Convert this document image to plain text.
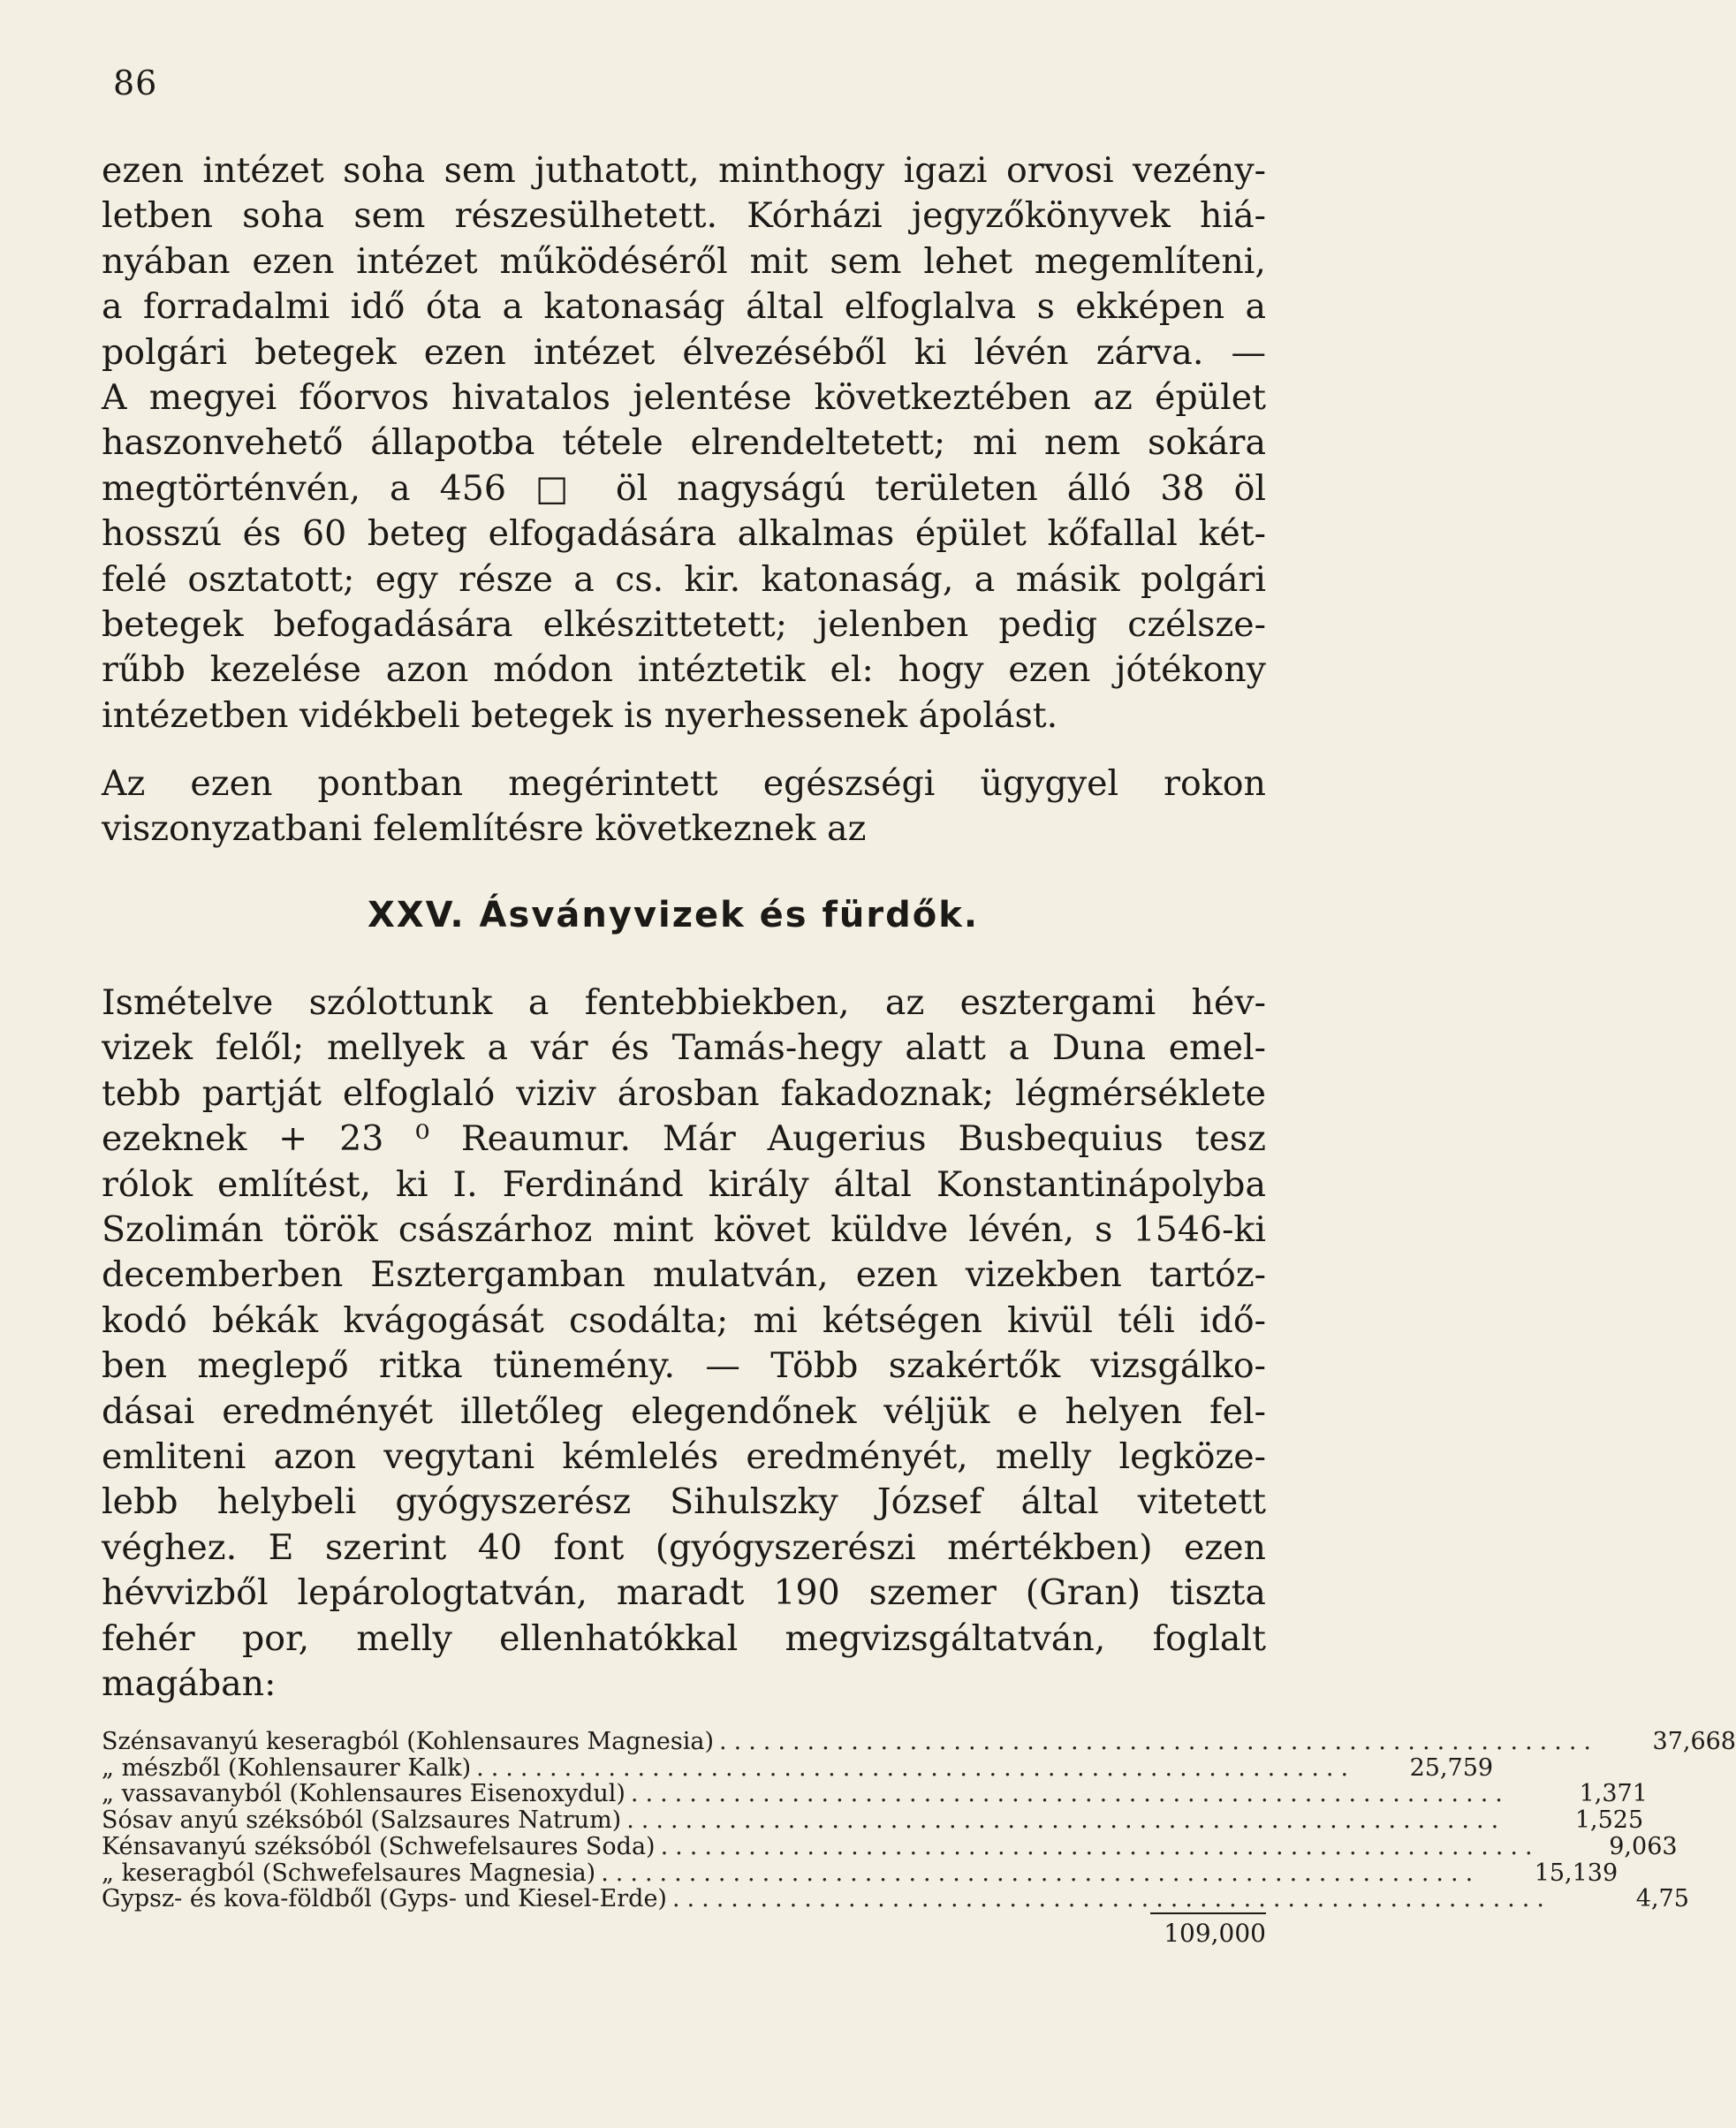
86
ezen intézet soha sem juthatott, minthogy igazi orvosi vezény-
letben soha sem részesülhetett. Kórházi jegyzőkönyvek hiá-
nyában ezen intézet működéséről mit sem lehet megemlíteni,
a forradalmi idő óta a katonaság által elfoglalva s ekképen a
polgári betegek ezen intézet élvezéséből ki lévén zárva. —
A megyei főorvos hivatalos jelentése következtében az épület
haszonvehető állapotba tétele elrendeltetett; mi nem sokára
megtörténvén, a 456 □ öl nagyságú területen álló 38 öl
hosszú és 60 beteg elfogadására alkalmas épület kőfallal két-
felé osztatott; egy része a cs. kir. katonaság, a másik polgári
betegek befogadására elkészittetett; jelenben pedig czélsze-
rűbb kezelése azon módon intéztetik el: hogy ezen jótékony
intézetben vidékbeli betegek is nyerhessenek ápolást.
Az ezen pontban megérintett egészségi ügygyel rokon
viszonyzatbani felemlítésre következnek az
XXV. Ásványvizek és fürdők.
Ismételve szólottunk a fentebbiekben, az esztergami hév-
vizek felől; mellyek a vár és Tamás-hegy alatt a Duna emel-
tebb partját elfoglaló viziv árosban fakadoznak; légmérséklete
ezeknek + 23 ⁰ Reaumur. Már Augerius Busbequius tesz
rólok említést, ki I. Ferdinánd király által Konstantinápolyba
Szolimán török császárhoz mint követ küldve lévén, s 1546-ki
decemberben Esztergamban mulatván, ezen vizekben tartóz-
kodó békák kvágogását csodálta; mi kétségen kivül téli idő-
ben meglepő ritka tünemény. — Több szakértők vizsgálko-
dásai eredményét illetőleg elegendőnek véljük e helyen fel-
emliteni azon vegytani kémlelés eredményét, melly legköze-
lebb helybeli gyógyszerész Sihulszky József által vitetett
véghez. E szerint 40 font (gyógyszerészi mértékben) ezen
hévvizből lepárologtatván, maradt 190 szemer (Gran) tiszta
fehér por, melly ellenhatókkal megvizsgáltatván, foglalt
magában:
Szénsavanyú keseragból (Kohlensaures Magnesia) ............................................................	37,668
„ mészből (Kohlensaurer Kalk) ............................................................	25,759
„ vassavanyból (Kohlensaures Eisenoxydul) ............................................................	1,371
Sósav anyú széksóból (Salzsaures Natrum) ............................................................	1,525
Kénsavanyú széksóból (Schwefelsaures Soda) ............................................................	9,063
„ keseragból (Schwefelsaures Magnesia) ............................................................	15,139
Gypsz- és kova-földből (Gyps- und Kiesel-Erde) ............................................................	4,75
109,000
